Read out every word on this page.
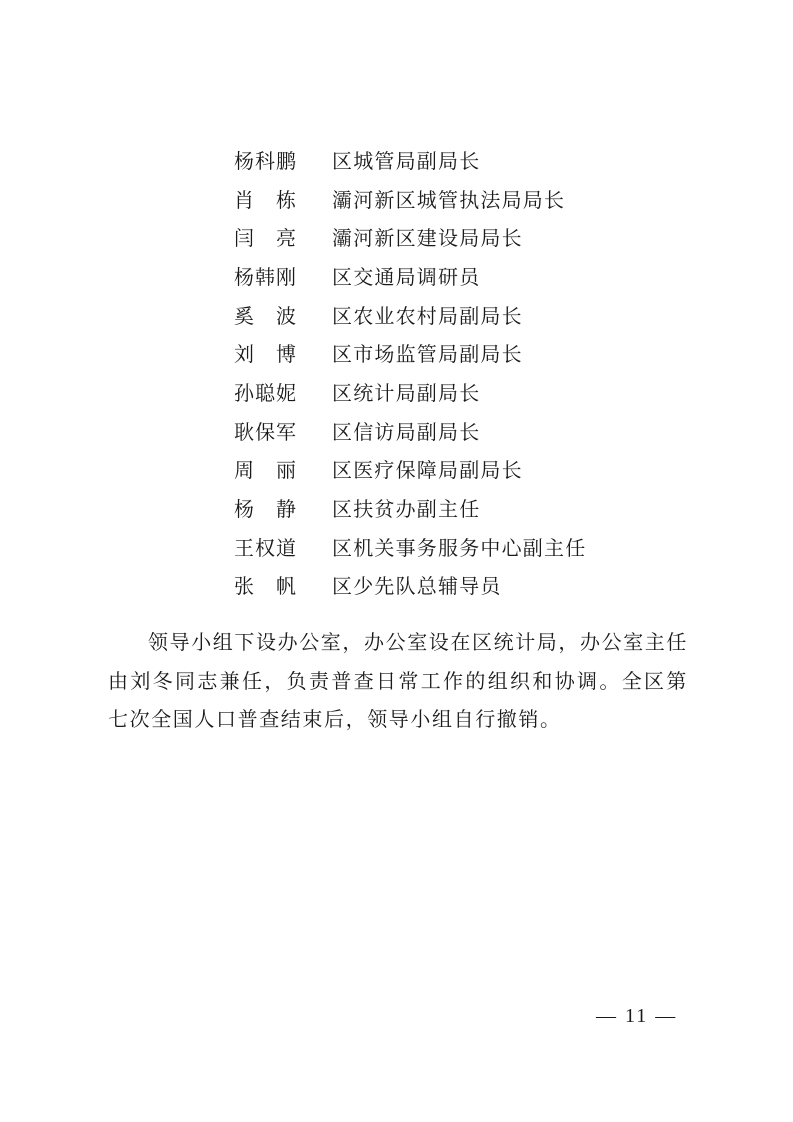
杨科鹏 区城管局副局长
肖栋 灞河新区城管执法局局长
闫亮 灞河新区建设局局长
杨韩刚 区交通局调研员
奚波 区农业农村局副局长
刘博 区市场监管局副局长
孙聪妮 区统计局副局长
耿保军 区信访局副局长
周丽 区医疗保障局副局长
杨静 区扶贫办副主任
王权道 区机关事务服务中心副主任
张帆 区少先队总辅导员

领导小组下设办公室，办公室设在区统计局，办公室主任由刘冬同志兼任，负责普查日常工作的组织和协调。全区第七次全国人口普查结束后，领导小组自行撤销。

— 11 —
